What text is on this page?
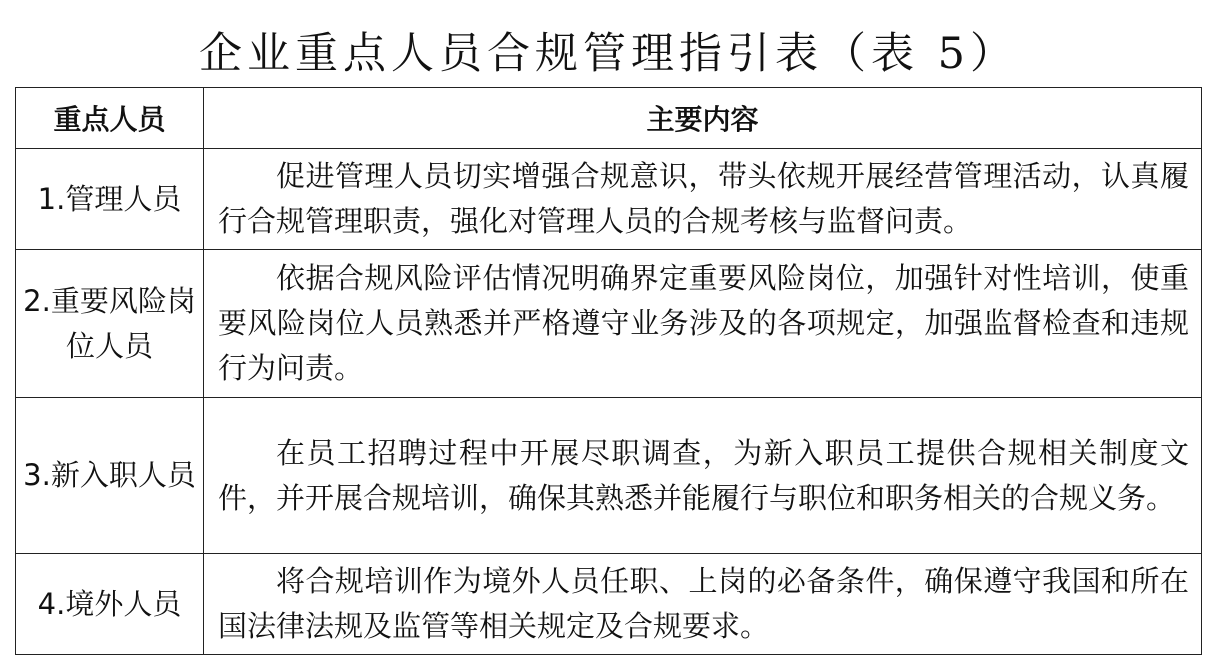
企业重点人员合规管理指引表（表 5）
重点人员	主要内容
1.管理人员	促进管理人员切实增强合规意识，带头依规开展经营管理活动，认真履行合规管理职责，强化对管理人员的合规考核与监督问责。
2.重要风险岗位人员	依据合规风险评估情况明确界定重要风险岗位，加强针对性培训，使重要风险岗位人员熟悉并严格遵守业务涉及的各项规定，加强监督检查和违规行为问责。
3.新入职人员	在员工招聘过程中开展尽职调查，为新入职员工提供合规相关制度文件，并开展合规培训，确保其熟悉并能履行与职位和职务相关的合规义务。
4.境外人员	将合规培训作为境外人员任职、上岗的必备条件，确保遵守我国和所在国法律法规及监管等相关规定及合规要求。
